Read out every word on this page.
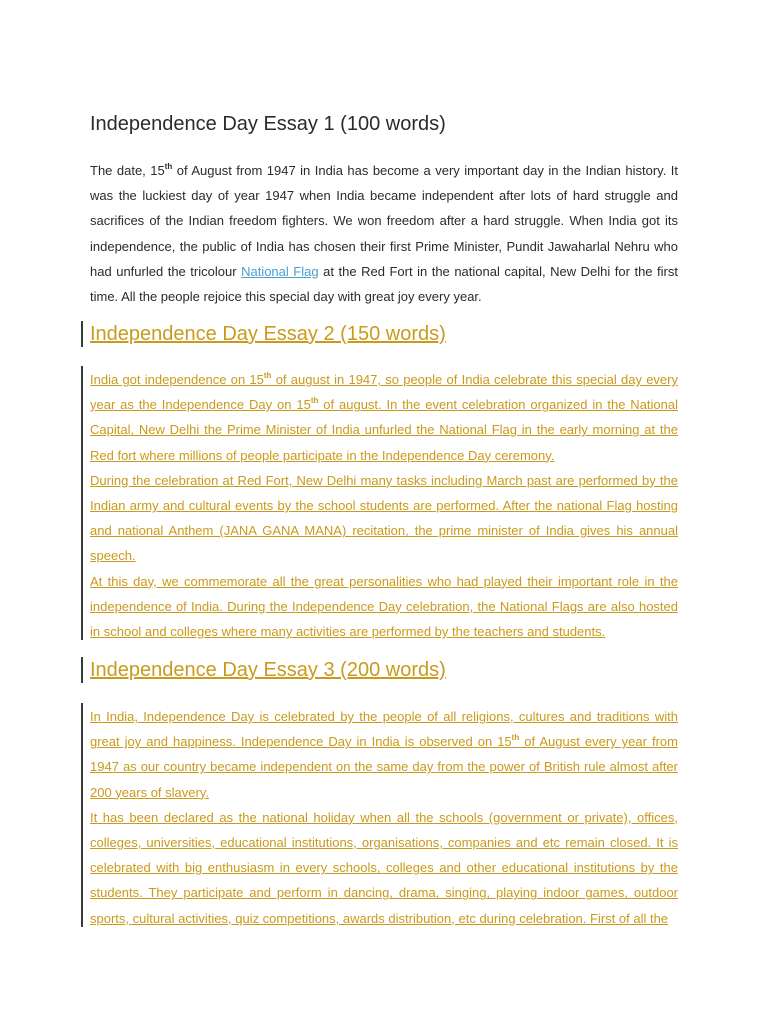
Independence Day Essay 1 (100 words)

The date, 15th of August from 1947 in India has become a very important day in the Indian history. It was the luckiest day of year 1947 when India became independent after lots of hard struggle and sacrifices of the Indian freedom fighters. We won freedom after a hard struggle. When India got its independence, the public of India has chosen their first Prime Minister, Pundit Jawaharlal Nehru who had unfurled the tricolour National Flag at the Red Fort in the national capital, New Delhi for the first time. All the people rejoice this special day with great joy every year.

Independence Day Essay 2 (150 words)

India got independence on 15th of august in 1947, so people of India celebrate this special day every year as the Independence Day on 15th of august. In the event celebration organized in the National Capital, New Delhi the Prime Minister of India unfurled the National Flag in the early morning at the Red fort where millions of people participate in the Independence Day ceremony.

During the celebration at Red Fort, New Delhi many tasks including March past are performed by the Indian army and cultural events by the school students are performed. After the national Flag hosting and national Anthem (JANA GANA MANA) recitation, the prime minister of India gives his annual speech.

At this day, we commemorate all the great personalities who had played their important role in the independence of India. During the Independence Day celebration, the National Flags are also hosted in school and colleges where many activities are performed by the teachers and students.

Independence Day Essay 3 (200 words)

In India, Independence Day is celebrated by the people of all religions, cultures and traditions with great joy and happiness. Independence Day in India is observed on 15th of August every year from 1947 as our country became independent on the same day from the power of British rule almost after 200 years of slavery.

It has been declared as the national holiday when all the schools (government or private), offices, colleges, universities, educational institutions, organisations, companies and etc remain closed. It is celebrated with big enthusiasm in every schools, colleges and other educational institutions by the students. They participate and perform in dancing, drama, singing, playing indoor games, outdoor sports, cultural activities, quiz competitions, awards distribution, etc during celebration. First of all the
